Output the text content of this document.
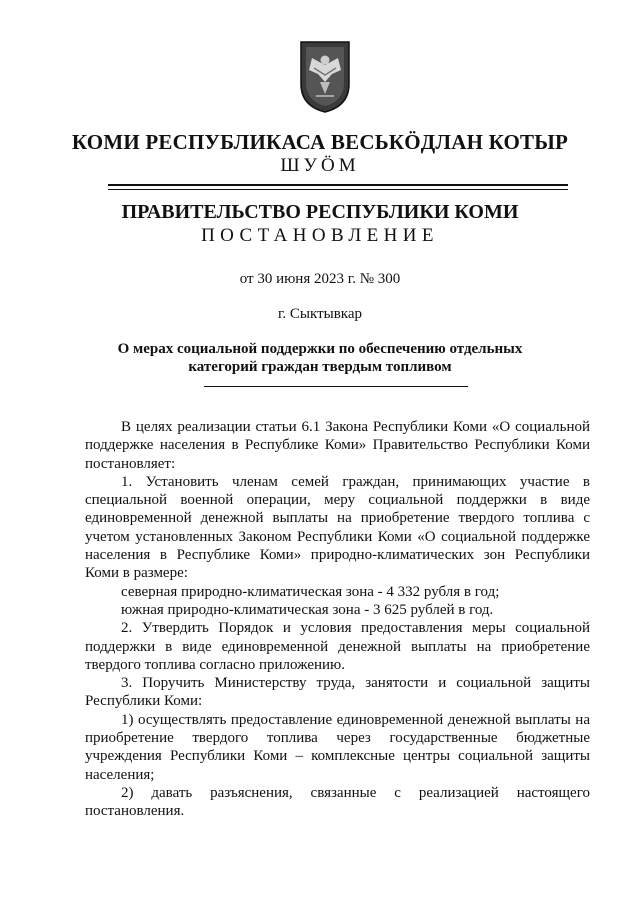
КОМИ РЕСПУБЛИКАСА ВЕСЬКӦДЛАН КОТЫР
ШУӦМ
ПРАВИТЕЛЬСТВО РЕСПУБЛИКИ КОМИ
ПОСТАНОВЛЕНИЕ
от 30 июня 2023 г. № 300
г. Сыктывкар
О мерах социальной поддержки по обеспечению отдельных
категорий граждан твердым топливом

В целях реализации статьи 6.1 Закона Республики Коми «О социальной поддержке населения в Республике Коми» Правительство Республики Коми постановляет:

1. Установить членам семей граждан, принимающих участие в специальной военной операции, меру социальной поддержки в виде единовременной денежной выплаты на приобретение твердого топлива с учетом установленных Законом Республики Коми «О социальной поддержке населения в Республике Коми» природно-климатических зон Республики Коми в размере:

северная природно-климатическая зона - 4 332 рубля в год;

южная природно-климатическая зона - 3 625 рублей в год.

2. Утвердить Порядок и условия предоставления меры социальной поддержки в виде единовременной денежной выплаты на приобретение твердого топлива согласно приложению.

3. Поручить Министерству труда, занятости и социальной защиты Республики Коми:

1) осуществлять предоставление единовременной денежной выплаты на приобретение твердого топлива через государственные бюджетные учреждения Республики Коми – комплексные центры социальной защиты населения;

2) давать разъяснения, связанные с реализацией настоящего постановления.
